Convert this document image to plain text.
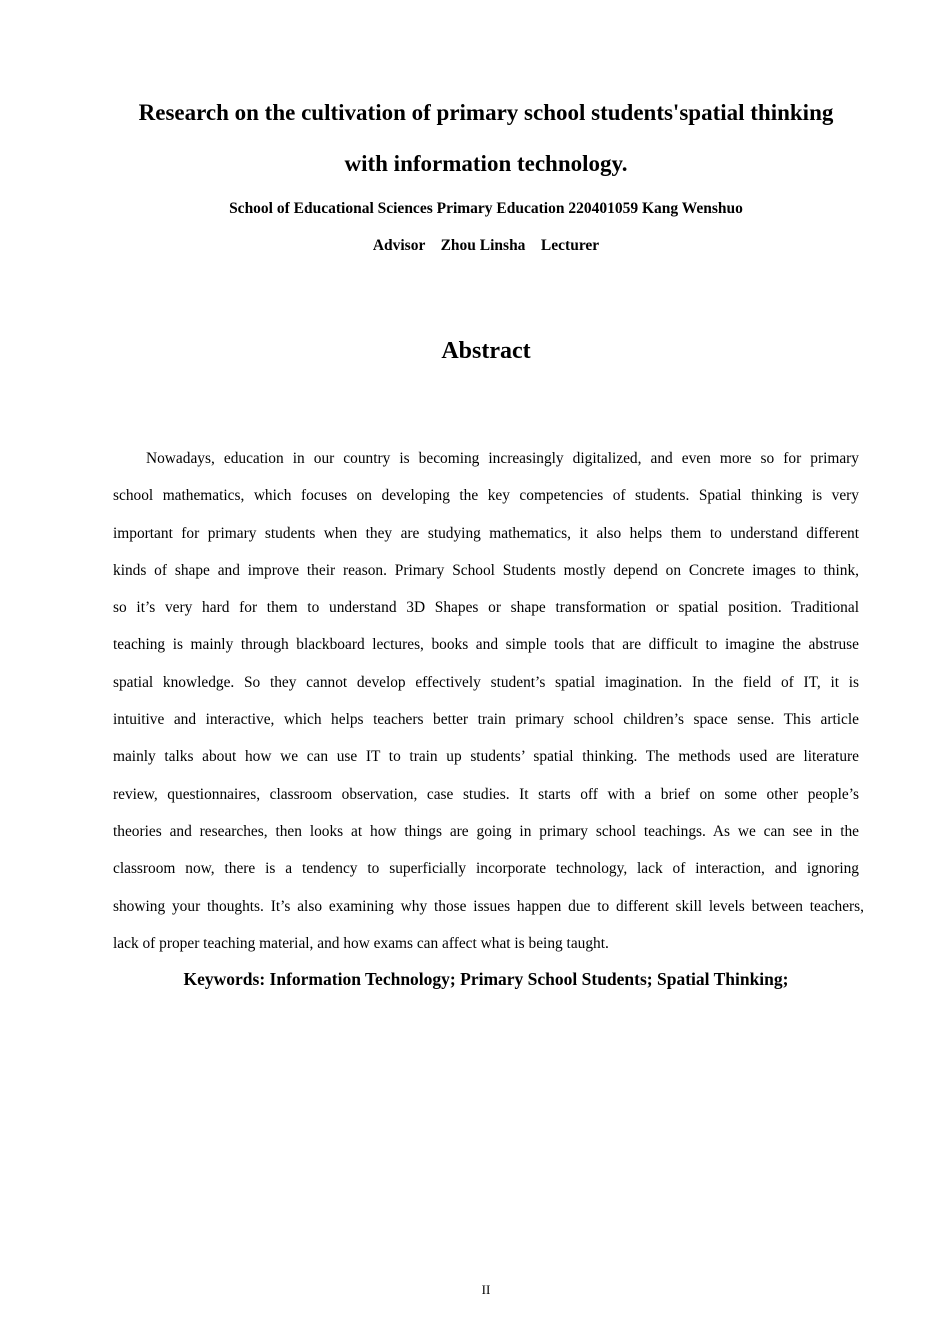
Research on the cultivation of primary school students'spatial thinking
with information technology.
School of Educational Sciences Primary Education 220401059 Kang Wenshuo
Advisor    Zhou Linsha    Lecturer
Abstract
Nowadays, education in our country is becoming increasingly digitalized, and even more so for primary
school mathematics, which focuses on developing the key competencies of students. Spatial thinking is very
important for primary students when they are studying mathematics, it also helps them to understand different
kinds of shape and improve their reason. Primary School Students mostly depend on Concrete images to think,
so it’s very hard for them to understand 3D Shapes or shape transformation or spatial position. Traditional
teaching is mainly through blackboard lectures, books and simple tools that are difficult to imagine the abstruse
spatial knowledge. So they cannot develop effectively student’s spatial imagination. In the field of IT, it is
intuitive and interactive, which helps teachers better train primary school children’s space sense. This article
mainly talks about how we can use IT to train up students’ spatial thinking. The methods used are literature
review, questionnaires, classroom observation, case studies. It starts off with a brief on some other people’s
theories and researches, then looks at how things are going in primary school teachings. As we can see in the
classroom now, there is a tendency to superficially incorporate technology, lack of interaction, and ignoring
showing your thoughts. It’s also examining why those issues happen due to different skill levels between teachers,
lack of proper teaching material, and how exams can affect what is being taught.
Keywords: Information Technology; Primary School Students; Spatial Thinking;
II
